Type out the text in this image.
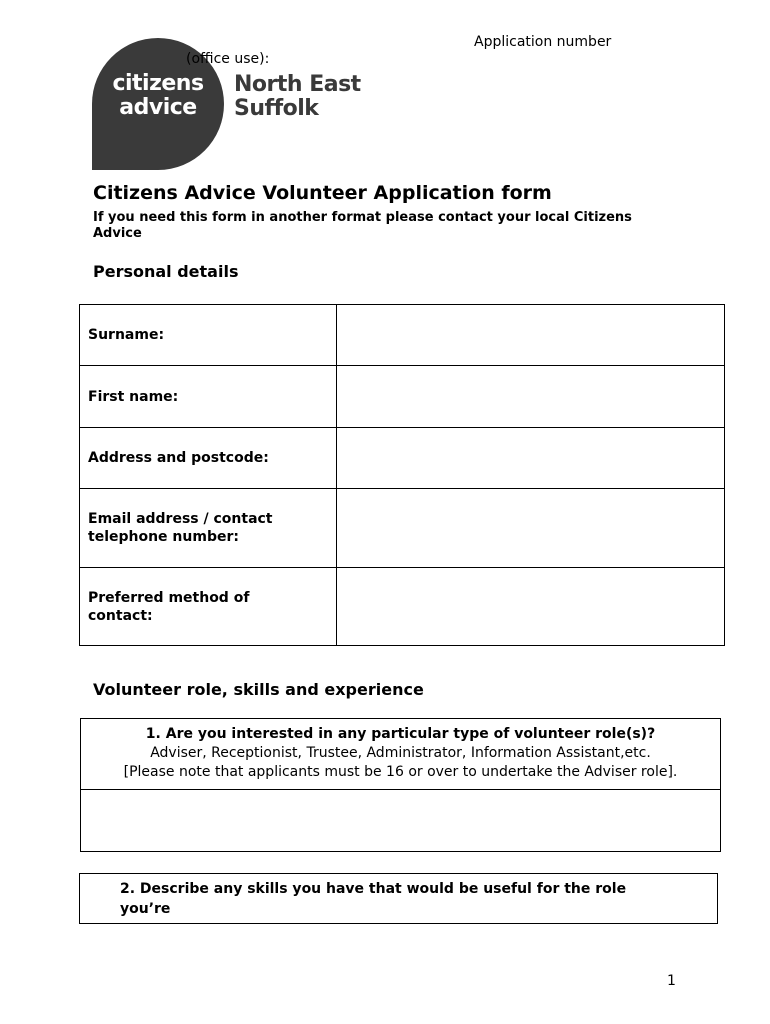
Application number
citizens
advice
(office use):
North East
Suffolk
Citizens Advice Volunteer Application form
If you need this form in another format please contact your local Citizens Advice
Personal details
Surname:	
First name:	
Address and postcode:	

Email address / contact
telephone number:	

Preferred method of
contact:	

Volunteer role, skills and experience
1. Are you interested in any particular type of volunteer role(s)?
Adviser, Receptionist, Trustee, Administrator, Information Assistant,etc.
[Please note that applicants must be 16 or over to undertake the Adviser role].
2. Describe any skills you have that would be useful for the role
you’re
1
